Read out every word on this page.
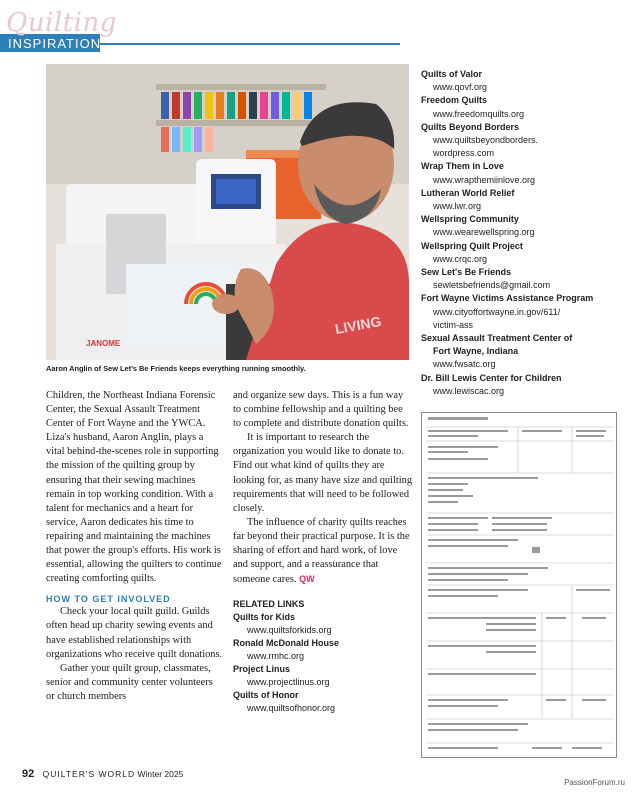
Quilting
INSPIRATION
JANOME
LIVING
Aaron Anglin of Sew Let's Be Friends keeps everything running smoothly.

Children, the Northeast Indiana Forensic Center, the Sexual Assault Treatment Center of Fort Wayne and the YWCA. Liza's husband, Aaron Anglin, plays a vital behind-the-scenes role in supporting the mission of the quilting group by ensuring that their sewing machines remain in top working condition. With a talent for mechanics and a heart for service, Aaron dedicates his time to repairing and maintaining the machines that power the group's efforts. His work is essential, allowing the quilters to continue creating comforting quilts.

HOW TO GET INVOLVED

Check your local quilt guild. Guilds often head up charity sewing events and have established relationships with organizations who receive quilt donations.

Gather your quilt group, classmates, senior and community center volunteers or church members

and organize sew days. This is a fun way to combine fellowship and a quilting bee to complete and distribute donation quilts.

It is important to research the organization you would like to donate to. Find out what kind of quilts they are looking for, as many have size and quilting requirements that will need to be followed closely.

The influence of charity quilts reaches far beyond their practical purpose. It is the sharing of effort and hard work, of love and support, and a reassurance that someone cares. QW

RELATED LINKS
Quilts for Kids
www.quiltsforkids.org
Ronald McDonald House
www.rmhc.org
Project Linus
www.projectlinus.org
Quilts of Honor
www.quiltsofhonor.org
Quilts of Valor
www.qovf.org
Freedom Quilts
www.freedomquilts.org
Quilts Beyond Borders
www.quiltsbeyondborders.
wordpress.com
Wrap Them in Love
www.wrapthemiinlove.org
Lutheran World Relief
www.lwr.org
Wellspring Community
www.wearewellspring.org
Wellspring Quilt Project
www.crqc.org
Sew Let's Be Friends
sewletsbefriends@gmail.com
Fort Wayne Victims Assistance Program
www.cityoffortwayne.in.gov/611/
victim-ass
Sexual Assault Treatment Center of
Fort Wayne, Indiana
www.fwsatc.org
Dr. Bill Lewis Center for Children
www.lewiscac.org
92 QUILTER'S WORLD Winter 2025
PassionForum.ru
